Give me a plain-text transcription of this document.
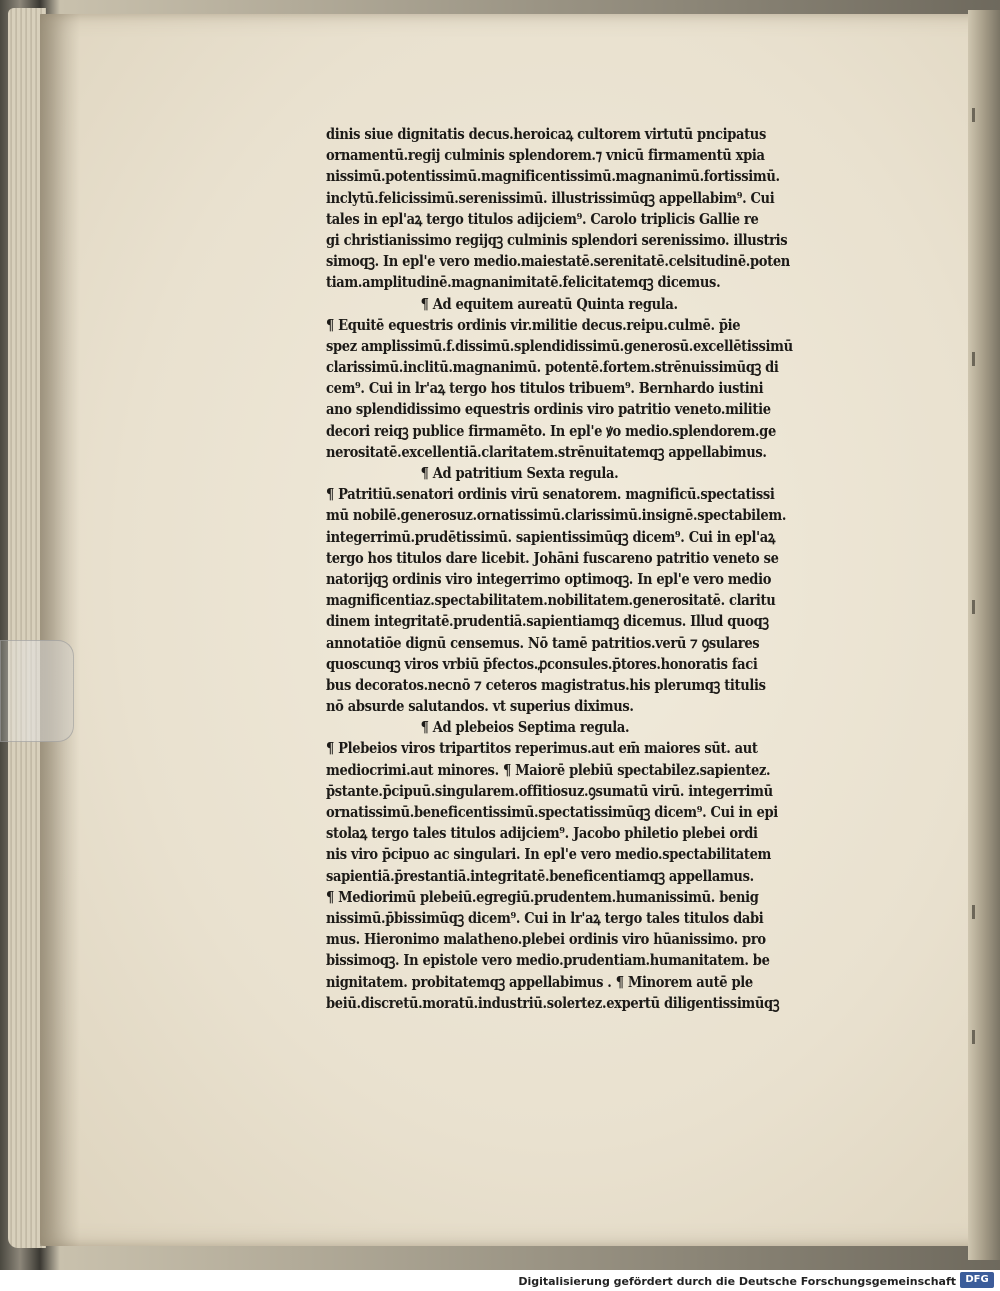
dinis siue dignitatis decus.heroicaꝝ cultorem virtutū pncipatus
ornamentū.regij culminis splendorem.⁊ vnicū firmamentū xpia
nissimū.potentissimū.magnificentissimū.magnanimū.fortissimū.
inclytū.felicissimū.serenissimū. illustrissimūqꝫ appellabim⁹. Cui
tales in epl'aꝝ tergo titulos adijciem⁹. Carolo triplicis Gallie re
gi christianissimo regijqꝫ culminis splendori serenissimo. illustris
simoqꝫ. In epl'e vero medio.maiestatē.serenitatē.celsitudinē.poten
tiam.amplitudinē.magnanimitatē.felicitatemqꝫ dicemus.
¶ Ad equitem aureatū Quinta regula.
¶ Equitē equestris ordinis vir.militie decus.reipu.culmē. p̄ie
spez amplissimū.f.dissimū.splendidissimū.generosū.excellētissimū
clarissimū.inclitū.magnanimū. potentē.fortem.strēnuissimūqꝫ di
cem⁹. Cui in lr'aꝝ tergo hos titulos tribuem⁹. Bernhardo iustini
ano splendidissimo equestris ordinis viro patritio veneto.militie
decori reiqꝫ publice firmamēto. In epl'e ꝟo medio.splendorem.ge
nerositatē.excellentiā.claritatem.strēnuitatemqꝫ appellabimus.
¶ Ad patritium Sexta regula.
¶ Patritiū.senatori ordinis virū senatorem. magnificū.spectatissi
mū nobilē.generosuz.ornatissimū.clarissimū.insignē.spectabilem.
integerrimū.prudētissimū. sapientissimūqꝫ dicem⁹. Cui in epl'aꝝ
tergo hos titulos dare licebit. Johāni fuscareno patritio veneto se
natorijqꝫ ordinis viro integerrimo optimoqꝫ. In epl'e vero medio
magnificentiaz.spectabilitatem.nobilitatem.generositatē. claritu
dinem integritatē.prudentiā.sapientiamqꝫ dicemus. Illud quoqꝫ
annotatiōe dignū censemus. Nō tamē patritios.verū ⁊ ꝯsulares
quoscunqꝫ viros vrbiū p̄fectos.ꝓconsules.p̄tores.honoratis faci
bus decoratos.necnō ⁊ ceteros magistratus.his plerumqꝫ titulis
nō absurde salutandos. vt superius diximus.
¶ Ad plebeios Septima regula.
¶ Plebeios viros tripartitos reperimus.aut em̄ maiores sūt. aut
mediocrimi.aut minores. ¶ Maiorē plebiū spectabilez.sapientez.
p̄stante.p̄cipuū.singularem.offitiosuz.ꝯsumatū virū. integerrimū
ornatissimū.beneficentissimū.spectatissimūqꝫ dicem⁹. Cui in epi
stolaꝝ tergo tales titulos adijciem⁹. Jacobo philetio plebei ordi
nis viro p̄cipuo ac singulari. In epl'e vero medio.spectabilitatem
sapientiā.p̄restantiā.integritatē.beneficentiamqꝫ appellamus.
¶ Mediorimū plebeiū.egregiū.prudentem.humanissimū. benig
nissimū.p̄bissimūqꝫ dicem⁹. Cui in lr'aꝝ tergo tales titulos dabi
mus. Hieronimo malatheno.plebei ordinis viro hūanissimo. pro
bissimoqꝫ. In epistole vero medio.prudentiam.humanitatem. be
nignitatem. probitatemqꝫ appellabimus . ¶ Minorem autē ple
beiū.discretū.moratū.industriū.solertez.expertū diligentissimūqꝫ
Digitalisierung gefördert durch die Deutsche Forschungsgemeinschaft DFG
